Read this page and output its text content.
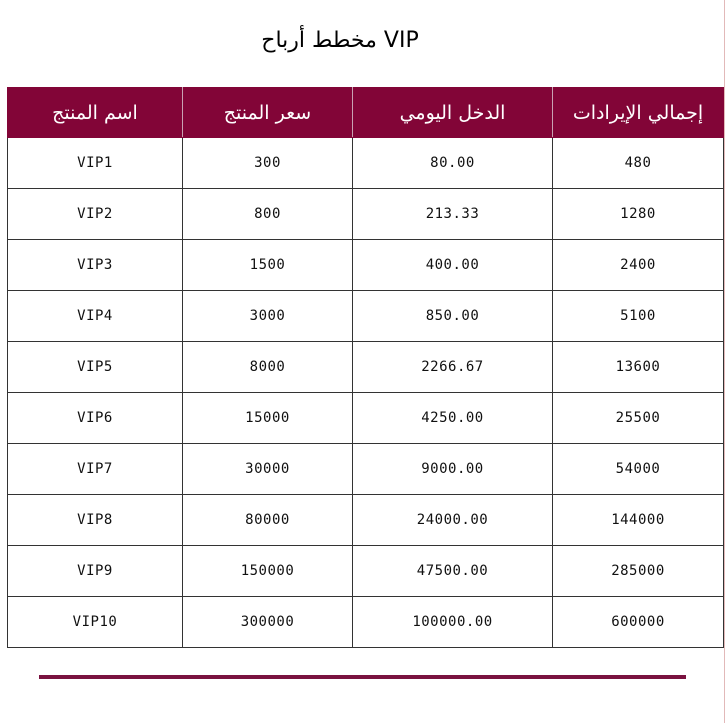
VIP مخطط أرباح
اسم المنتج	سعر المنتج	الدخل اليومي	إجمالي الإيرادات
VIP1	300	80.00	480
VIP2	800	213.33	1280
VIP3	1500	400.00	2400
VIP4	3000	850.00	5100
VIP5	8000	2266.67	13600
VIP6	15000	4250.00	25500
VIP7	30000	9000.00	54000
VIP8	80000	24000.00	144000
VIP9	150000	47500.00	285000
VIP10	300000	100000.00	600000
